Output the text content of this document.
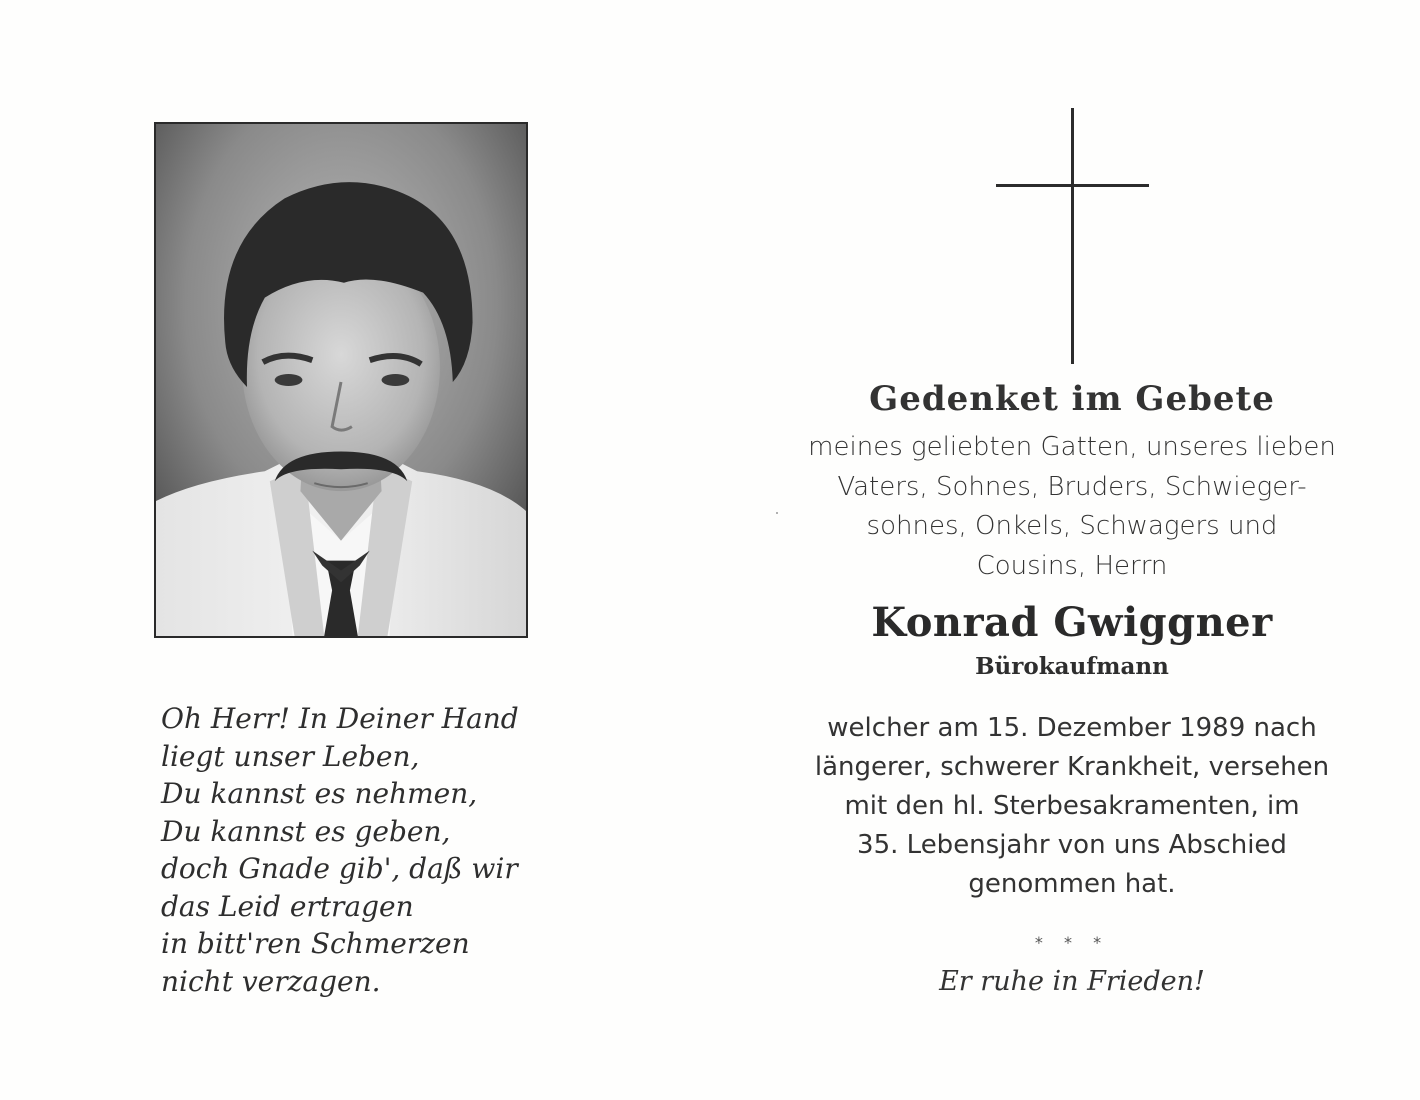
Oh Herr! In Deiner Hand
liegt unser Leben,
Du kannst es nehmen,
Du kannst es geben,
doch Gnade gib', daß wir
das Leid ertragen
in bitt'ren Schmerzen
nicht verzagen.
Gedenket im Gebete
meines geliebten Gatten, unseres lieben
Vaters, Sohnes, Bruders, Schwieger-
sohnes, Onkels, Schwagers und
Cousins, Herrn
Konrad Gwiggner
Bürokaufmann
welcher am 15. Dezember 1989 nach
längerer, schwerer Krankheit, versehen
mit den hl. Sterbesakramenten, im
35. Lebensjahr von uns Abschied
genommen hat.
* * *
Er ruhe in Frieden!
